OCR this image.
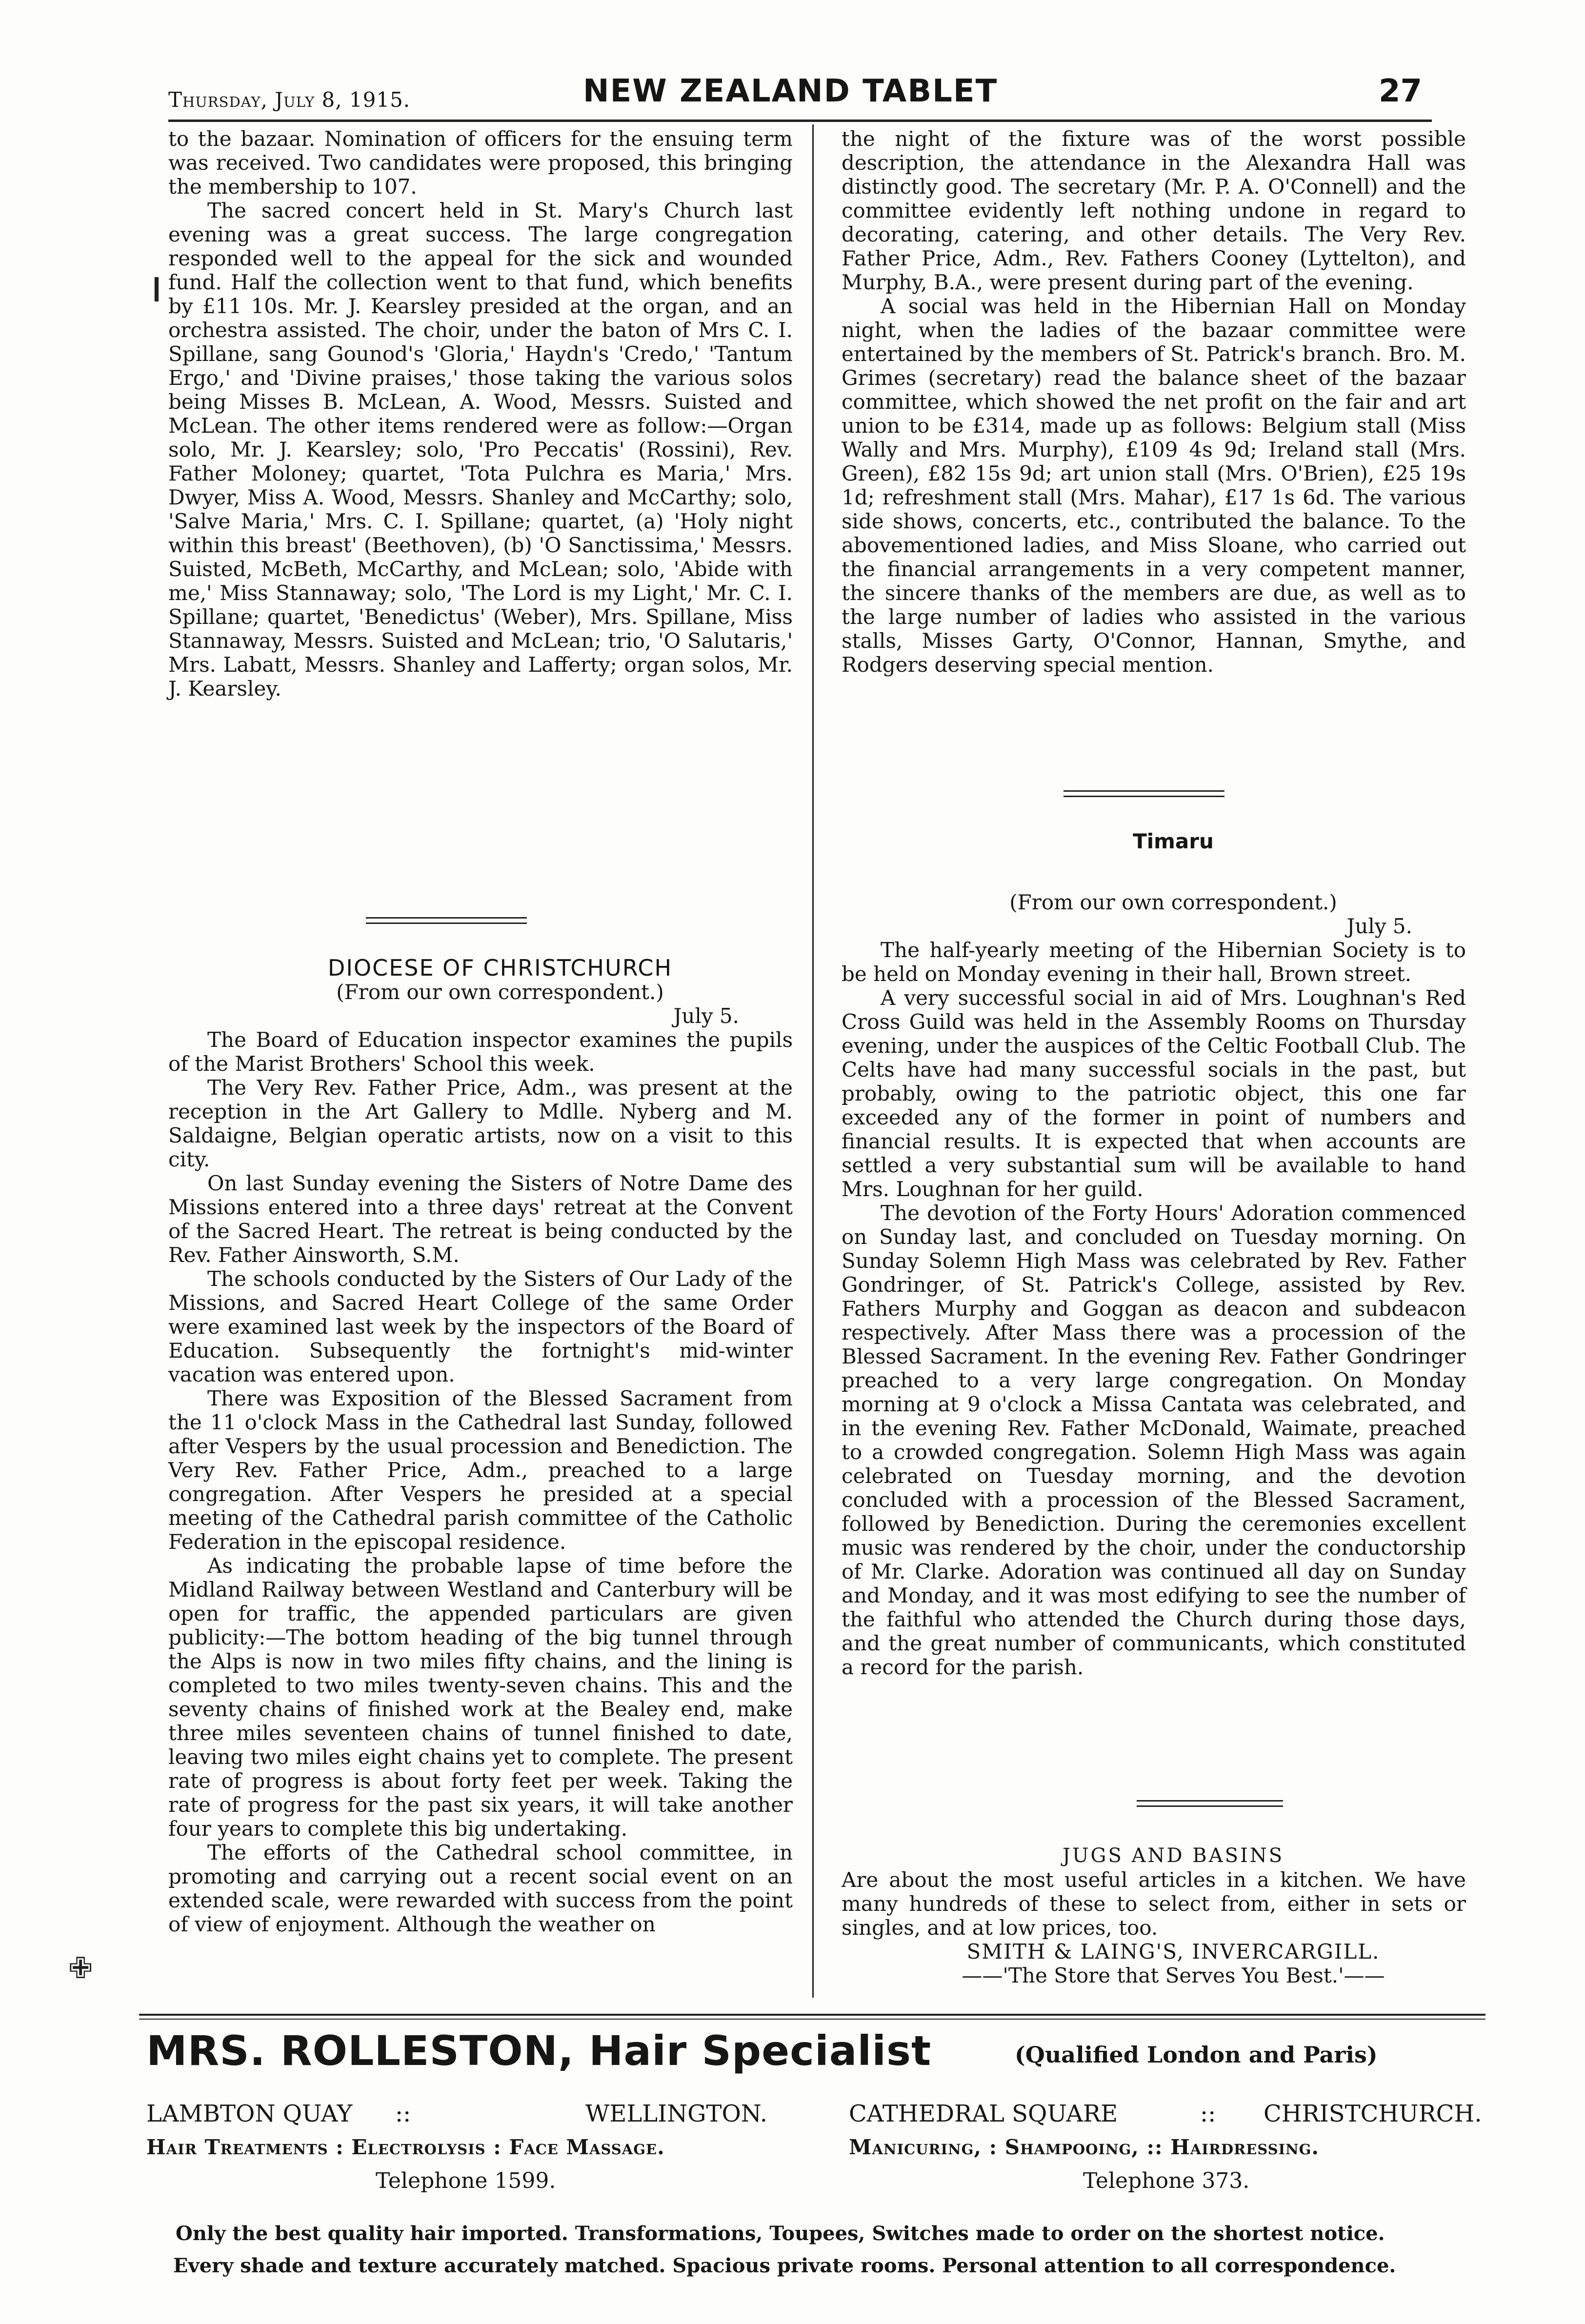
Thursday, July 8, 1915.	NEW ZEALAND TABLET	27

to the bazaar. Nomination of officers for the ensuing term was received. Two candidates were proposed, this bringing the membership to 107.

The sacred concert held in St. Mary's Church last evening was a great success. The large congregation responded well to the appeal for the sick and wounded fund. Half the collection went to that fund, which benefits by £11 10s. Mr. J. Kearsley presided at the organ, and an orchestra assisted. The choir, under the baton of Mrs C. I. Spillane, sang Gounod's 'Gloria,' Haydn's 'Credo,' 'Tantum Ergo,' and 'Divine praises,' those taking the various solos being Misses B. McLean, A. Wood, Messrs. Suisted and McLean. The other items rendered were as follow:—Organ solo, Mr. J. Kearsley; solo, 'Pro Peccatis' (Rossini), Rev. Father Moloney; quartet, 'Tota Pulchra es Maria,' Mrs. Dwyer, Miss A. Wood, Messrs. Shanley and McCarthy; solo, 'Salve Maria,' Mrs. C. I. Spillane; quartet, (a) 'Holy night within this breast' (Beethoven), (b) 'O Sanctissima,' Messrs. Suisted, McBeth, McCarthy, and McLean; solo, 'Abide with me,' Miss Stannaway; solo, 'The Lord is my Light,' Mr. C. I. Spillane; quartet, 'Benedictus' (Weber), Mrs. Spillane, Miss Stannaway, Messrs. Suisted and McLean; trio, 'O Salutaris,' Mrs. Labatt, Messrs. Shanley and Lafferty; organ solos, Mr. J. Kearsley.

DIOCESE OF CHRISTCHURCH

(From our own correspondent.)

July 5.

The Board of Education inspector examines the pupils of the Marist Brothers' School this week.

The Very Rev. Father Price, Adm., was present at the reception in the Art Gallery to Mdlle. Nyberg and M. Saldaigne, Belgian operatic artists, now on a visit to this city.

On last Sunday evening the Sisters of Notre Dame des Missions entered into a three days' retreat at the Convent of the Sacred Heart. The retreat is being conducted by the Rev. Father Ainsworth, S.M.

The schools conducted by the Sisters of Our Lady of the Missions, and Sacred Heart College of the same Order were examined last week by the inspectors of the Board of Education. Subsequently the fortnight's mid-winter vacation was entered upon.

There was Exposition of the Blessed Sacrament from the 11 o'clock Mass in the Cathedral last Sunday, followed after Vespers by the usual procession and Benediction. The Very Rev. Father Price, Adm., preached to a large congregation. After Vespers he presided at a special meeting of the Cathedral parish committee of the Catholic Federation in the episcopal residence.

As indicating the probable lapse of time before the Midland Railway between Westland and Canterbury will be open for traffic, the appended particulars are given publicity:—The bottom heading of the big tunnel through the Alps is now in two miles fifty chains, and the lining is completed to two miles twenty-seven chains. This and the seventy chains of finished work at the Bealey end, make three miles seventeen chains of tunnel finished to date, leaving two miles eight chains yet to complete. The present rate of progress is about forty feet per week. Taking the rate of progress for the past six years, it will take another four years to complete this big undertaking.

The efforts of the Cathedral school committee, in promoting and carrying out a recent social event on an extended scale, were rewarded with success from the point of view of enjoyment. Although the weather on

the night of the fixture was of the worst possible description, the attendance in the Alexandra Hall was distinctly good. The secretary (Mr. P. A. O'Connell) and the committee evidently left nothing undone in regard to decorating, catering, and other details. The Very Rev. Father Price, Adm., Rev. Fathers Cooney (Lyttelton), and Murphy, B.A., were present during part of the evening.

A social was held in the Hibernian Hall on Monday night, when the ladies of the bazaar committee were entertained by the members of St. Patrick's branch. Bro. M. Grimes (secretary) read the balance sheet of the bazaar committee, which showed the net profit on the fair and art union to be £314, made up as follows: Belgium stall (Miss Wally and Mrs. Murphy), £109 4s 9d; Ireland stall (Mrs. Green), £82 15s 9d; art union stall (Mrs. O'Brien), £25 19s 1d; refreshment stall (Mrs. Mahar), £17 1s 6d. The various side shows, concerts, etc., contributed the balance. To the abovementioned ladies, and Miss Sloane, who carried out the financial arrangements in a very competent manner, the sincere thanks of the members are due, as well as to the large number of ladies who assisted in the various stalls, Misses Garty, O'Connor, Hannan, Smythe, and Rodgers deserving special mention.

Timaru

(From our own correspondent.)

July 5.

The half-yearly meeting of the Hibernian Society is to be held on Monday evening in their hall, Brown street.

A very successful social in aid of Mrs. Loughnan's Red Cross Guild was held in the Assembly Rooms on Thursday evening, under the auspices of the Celtic Football Club. The Celts have had many successful socials in the past, but probably, owing to the patriotic object, this one far exceeded any of the former in point of numbers and financial results. It is expected that when accounts are settled a very substantial sum will be available to hand Mrs. Loughnan for her guild.

The devotion of the Forty Hours' Adoration commenced on Sunday last, and concluded on Tuesday morning. On Sunday Solemn High Mass was celebrated by Rev. Father Gondringer, of St. Patrick's College, assisted by Rev. Fathers Murphy and Goggan as deacon and subdeacon respectively. After Mass there was a procession of the Blessed Sacrament. In the evening Rev. Father Gondringer preached to a very large congregation. On Monday morning at 9 o'clock a Missa Cantata was celebrated, and in the evening Rev. Father McDonald, Waimate, preached to a crowded congregation. Solemn High Mass was again celebrated on Tuesday morning, and the devotion concluded with a procession of the Blessed Sacrament, followed by Benediction. During the ceremonies excellent music was rendered by the choir, under the conductorship of Mr. Clarke. Adoration was continued all day on Sunday and Monday, and it was most edifying to see the number of the faithful who attended the Church during those days, and the great number of communicants, which constituted a record for the parish.

JUGS AND BASINS

Are about the most useful articles in a kitchen. We have many hundreds of these to select from, either in sets or singles, and at low prices, too.

SMITH & LAING'S, INVERCARGILL.

——'The Store that Serves You Best.'——

MRS. ROLLESTON, Hair Specialist	(Qualified London and Paris)
LAMBTON QUAY ::	WELLINGTON.	CATHEDRAL SQUARE	:: CHRISTCHURCH.
Hair Treatments : Electrolysis : Face Massage.	Manicuring, : Shampooing, :: Hairdressing.
Telephone 1599.	Telephone 373.
Only the best quality hair imported. Transformations, Toupees, Switches made to order on the shortest notice.
Every shade and texture accurately matched. Spacious private rooms. Personal attention to all correspondence.
❙
✙
